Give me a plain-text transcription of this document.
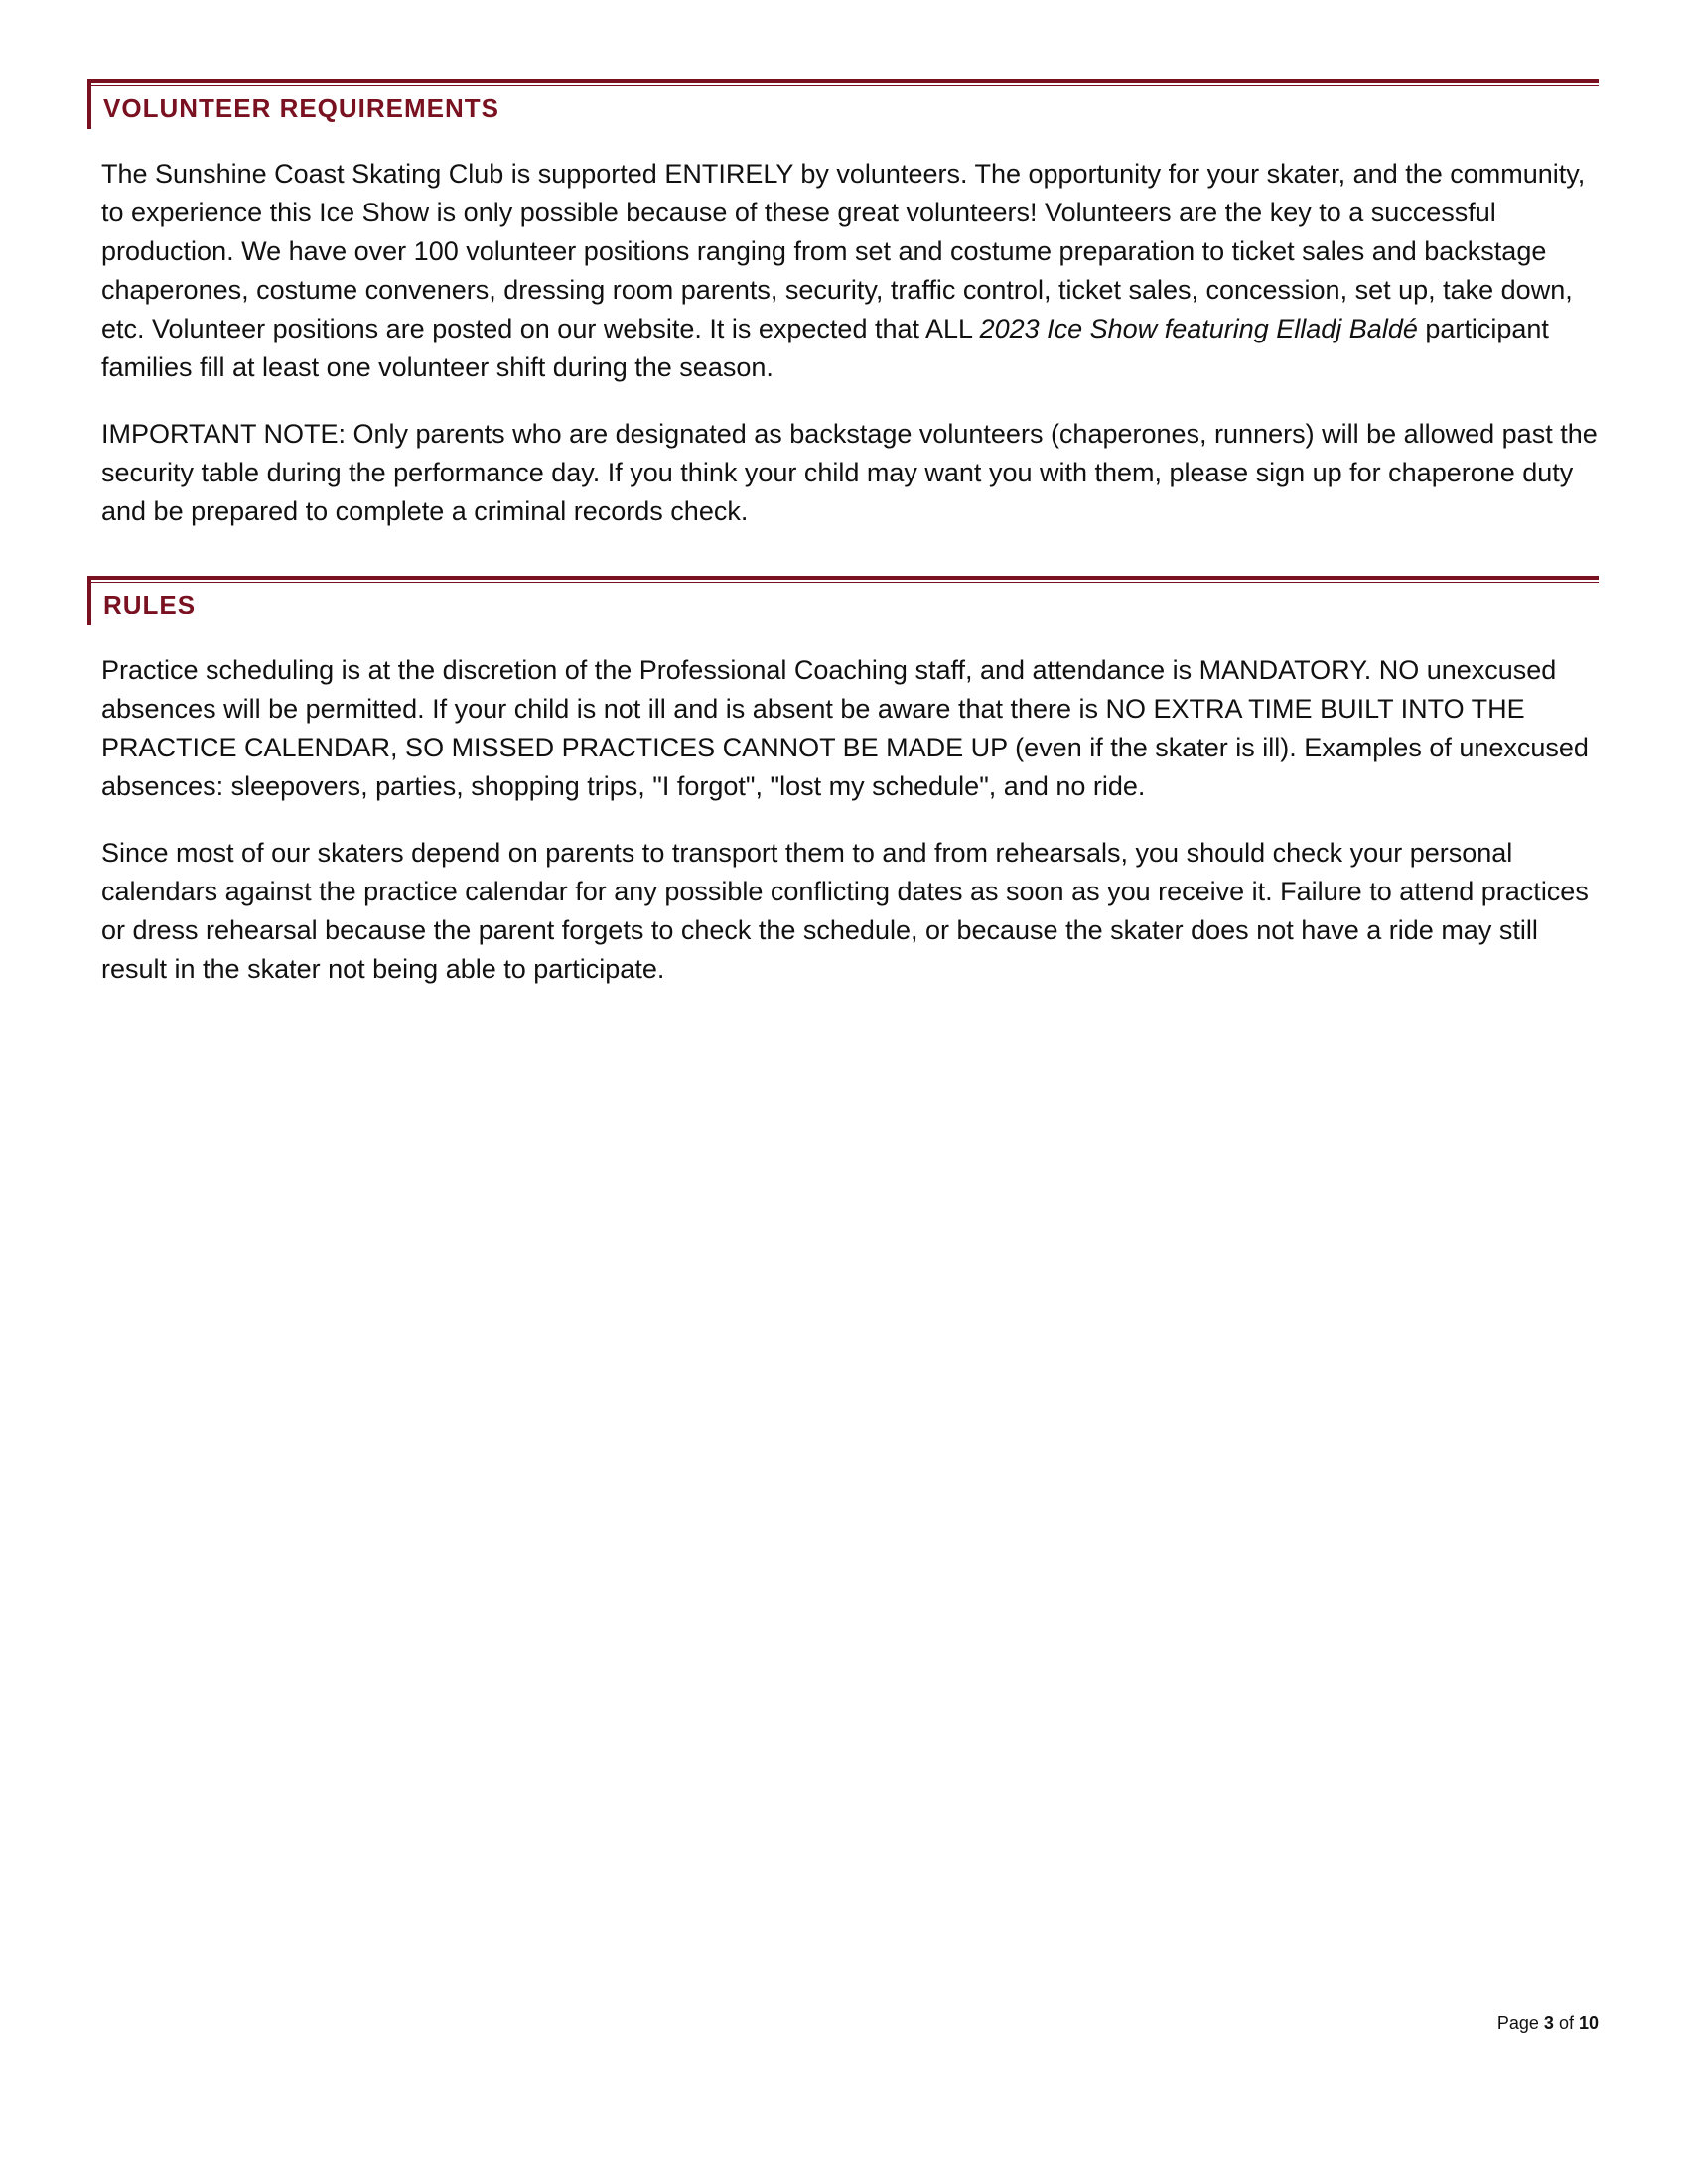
VOLUNTEER REQUIREMENTS

The Sunshine Coast Skating Club is supported ENTIRELY by volunteers. The opportunity for your skater, and the community, to experience this Ice Show is only possible because of these great volunteers! Volunteers are the key to a successful production. We have over 100 volunteer positions ranging from set and costume preparation to ticket sales and backstage chaperones, costume conveners, dressing room parents, security, traffic control, ticket sales, concession, set up, take down, etc. Volunteer positions are posted on our website. It is expected that ALL 2023 Ice Show featuring Elladj Baldé participant families fill at least one volunteer shift during the season.

IMPORTANT NOTE: Only parents who are designated as backstage volunteers (chaperones, runners) will be allowed past the security table during the performance day. If you think your child may want you with them, please sign up for chaperone duty and be prepared to complete a criminal records check.

RULES

Practice scheduling is at the discretion of the Professional Coaching staff, and attendance is MANDATORY. NO unexcused absences will be permitted. If your child is not ill and is absent be aware that there is NO EXTRA TIME BUILT INTO THE PRACTICE CALENDAR, SO MISSED PRACTICES CANNOT BE MADE UP (even if the skater is ill). Examples of unexcused absences: sleepovers, parties, shopping trips, "I forgot", "lost my schedule", and no ride.

Since most of our skaters depend on parents to transport them to and from rehearsals, you should check your personal calendars against the practice calendar for any possible conflicting dates as soon as you receive it. Failure to attend practices or dress rehearsal because the parent forgets to check the schedule, or because the skater does not have a ride may still result in the skater not being able to participate.

Page 3 of 10
